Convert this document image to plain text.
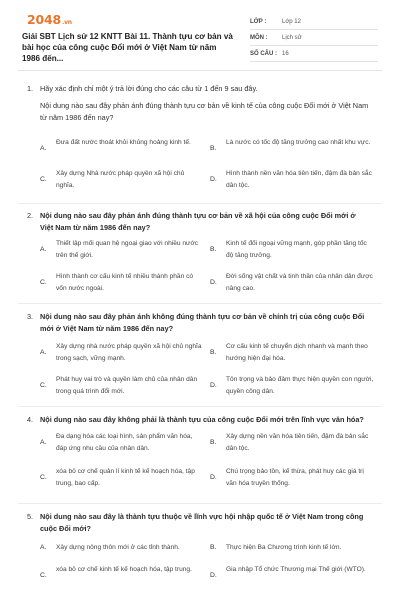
2048.vn
Giải SBT Lịch sử 12 KNTT Bài 11. Thành tựu cơ bản và bài học của công cuộc Đổi mới ở Việt Nam từ năm 1986 đến...
LỚP :	Lớp 12
MÔN :	Lịch sử
SỐ CÂU : 16
1. Hãy xác định chỉ một ý trả lời đúng cho các câu từ 1 đến 9 sau đây.
Nội dung nào sau đây phản ánh đúng thành tựu cơ bản về kinh tế của công cuộc Đổi mới ở Việt Nam từ năm 1986 đến nay?
A.
Đưa đất nước thoát khỏi khủng hoảng kinh tế.
B.
Là nước có tốc độ tăng trưởng cao nhất khu vực.
C.
Xây dựng Nhà nước pháp quyền xã hội chủ nghĩa.
D.
Hình thành nền văn hóa tiên tiến, đậm đà bản sắc dân tộc.
2. Nội dung nào sau đây phản ánh đúng thành tựu cơ bản về xã hội của công cuộc Đổi mới ở Việt Nam từ năm 1986 đến nay?
A.
Thiết lập mối quan hệ ngoại giao với nhiều nước trên thế giới.
B.
Kinh tế đối ngoại vững mạnh, góp phần tăng tốc độ tăng trưởng.
C.
Hình thành cơ cấu kinh tế nhiều thành phần có vốn nước ngoài.
D.
Đời sống vật chất và tinh thần của nhân dân được nâng cao.
3. Nội dung nào sau đây phản ánh không đúng thành tựu cơ bản về chính trị của công cuộc Đổi mới ở Việt Nam từ năm 1986 đến nay?
A.
Xây dựng nhà nước pháp quyền xã hội chủ nghĩa trong sạch, vững mạnh.
B.
Cơ cấu kinh tế chuyển dịch nhanh và mạnh theo hướng hiện đại hóa.
C.
Phát huy vai trò và quyền làm chủ của nhân dân trong quá trình đổi mới.
D.
Tôn trọng và bảo đảm thực hiện quyền con người, quyền công dân.
4. Nội dung nào sau đây không phải là thành tựu của công cuộc Đổi mới trên lĩnh vực văn hóa?
A.
Đa dạng hóa các loại hình, sản phẩm văn hóa, đáp ứng nhu cầu của nhân dân.
B.
Xây dựng nền văn hóa tiên tiến, đậm đà bản sắc dân tộc.
C.
xóa bỏ cơ chế quản lí kinh tế kế hoạch hóa, tập trung, bao cấp.
D.
Chú trọng bảo tồn, kế thừa, phát huy các giá trị văn hóa truyền thống.
5. Nội dung nào sau đây là thành tựu thuộc về lĩnh vực hội nhập quốc tế ở Việt Nam trong công cuộc Đổi mới?
A. Xây dựng nông thôn mới ở các tỉnh thành.	B. Thực hiện Ba Chương trình kinh tế lớn.
C.
xóa bỏ cơ chế kinh tế kế hoạch hóa, tập trung.
D.
Gia nhập Tổ chức Thương mại Thế giới (WTO).
